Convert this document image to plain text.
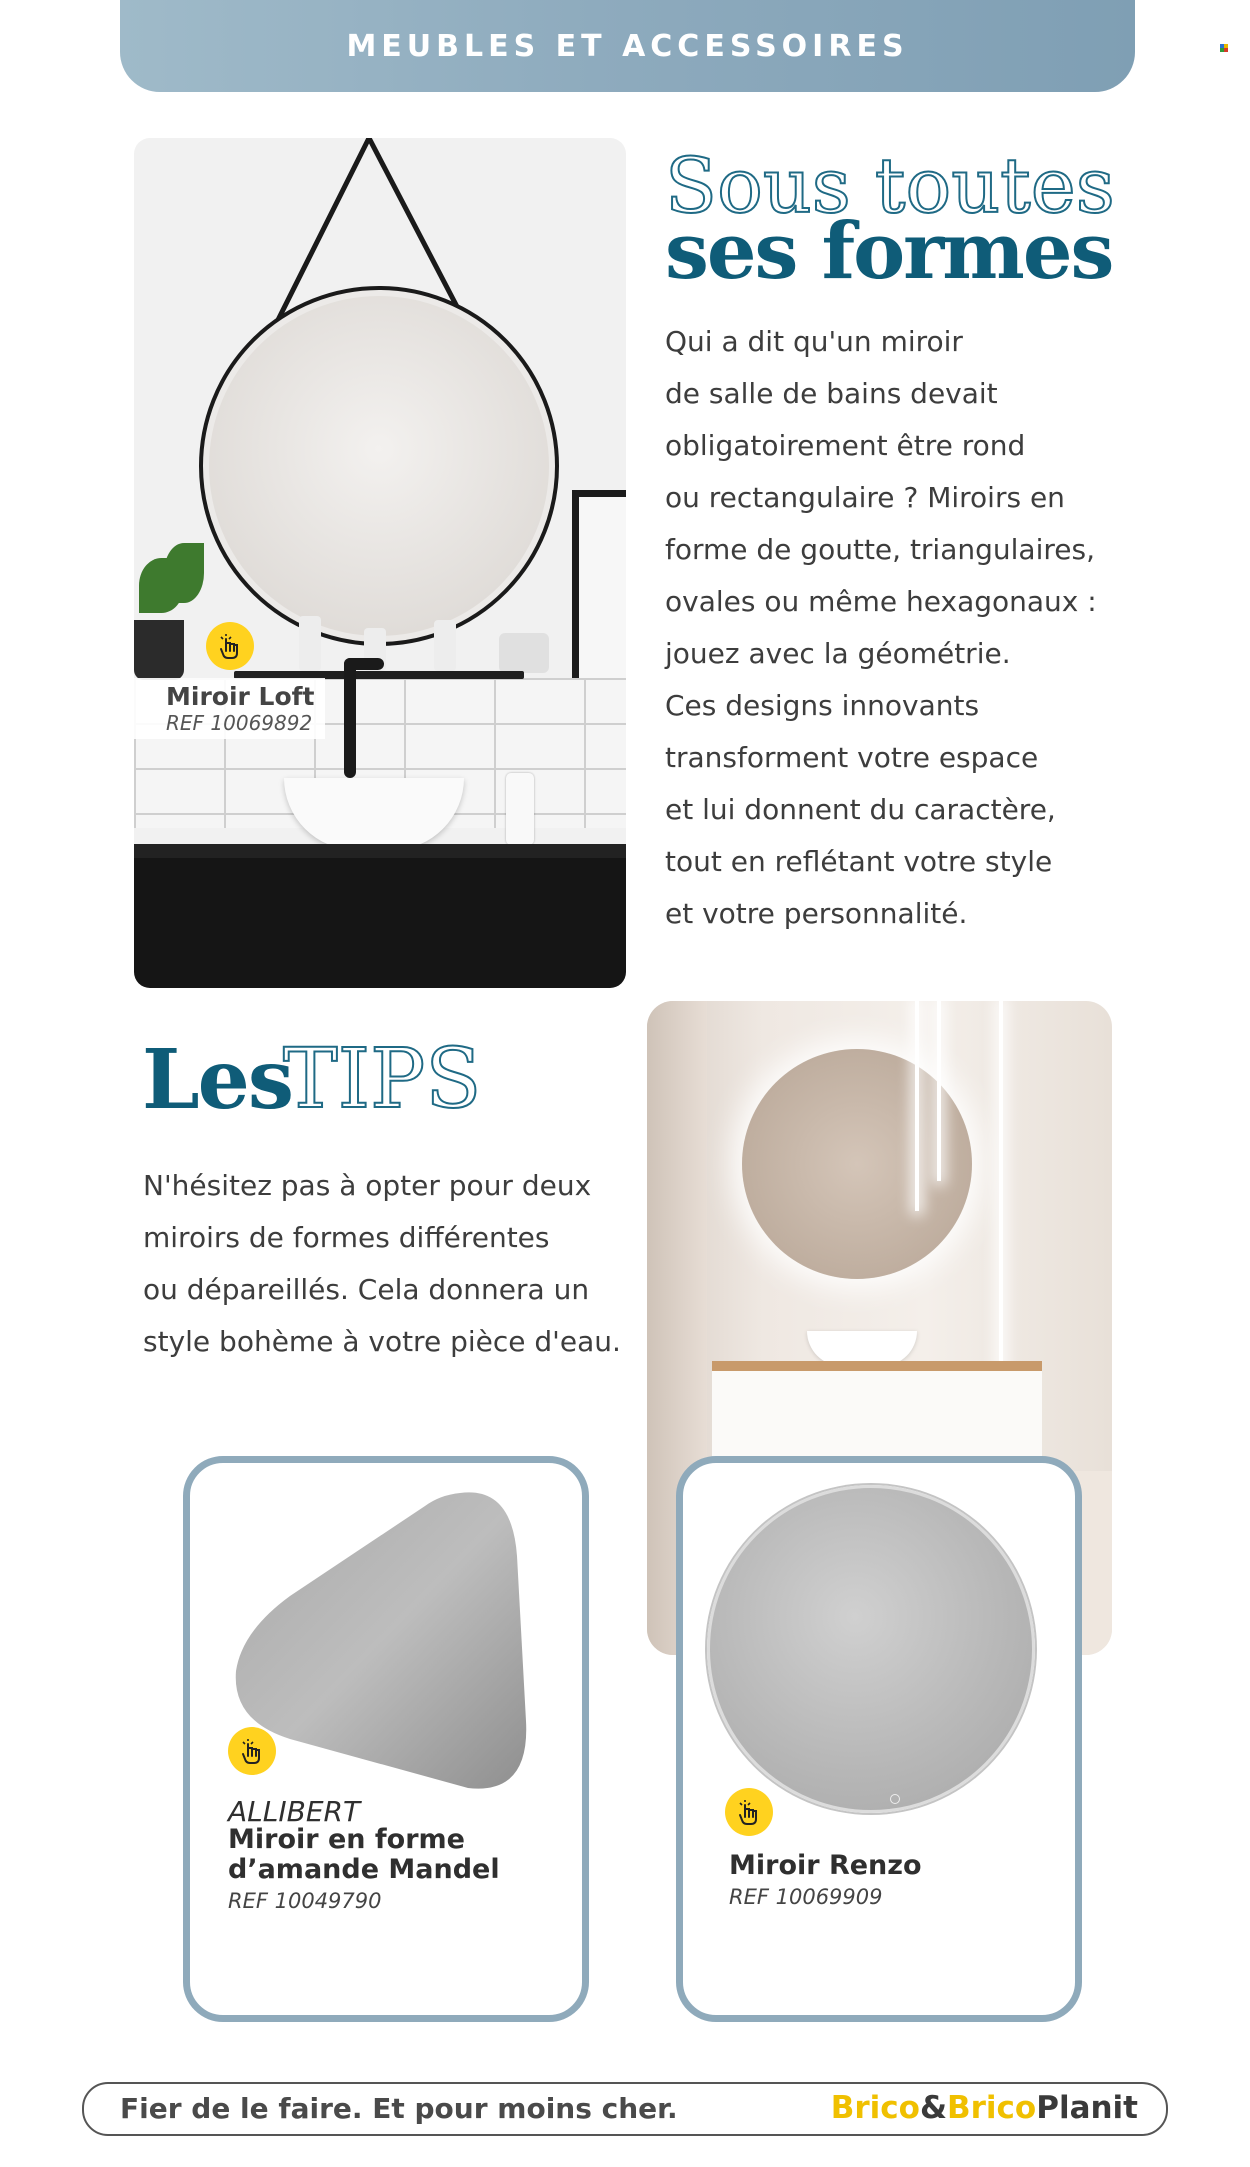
MEUBLES ET ACCESSOIRES
Miroir Loft
REF 10069892
Sous toutes
ses formes

Qui a dit qu'un miroir

de salle de bains devait

obligatoirement être rond

ou rectangulaire ? Miroirs en

forme de goutte, triangulaires,

ovales ou même hexagonaux :

jouez avec la géométrie.

Ces designs innovants

transforment votre espace

et lui donnent du caractère,

tout en reflétant votre style

et votre personnalité.

Les
TIPS

N'hésitez pas à opter pour deux

miroirs de formes différentes

ou dépareillés. Cela donnera un

style bohème à votre pièce d'eau.

ALLIBERT
Miroir en forme
d’amande Mandel
REF 10049790
Miroir Renzo
REF 10069909
Fier de le faire. Et pour moins cher.	Brico&BricoPlanit
